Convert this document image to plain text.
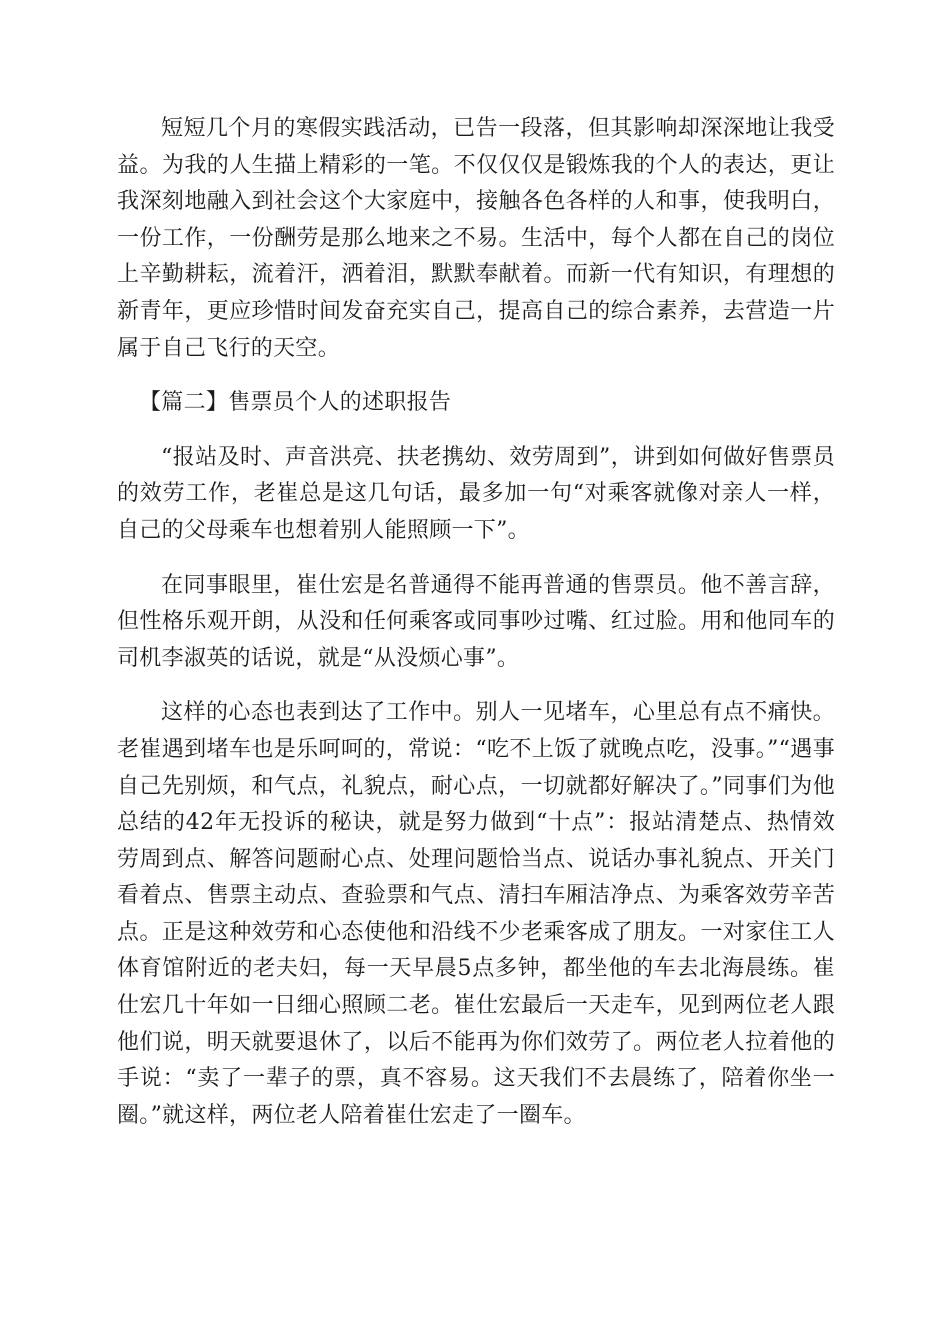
短短几个月的寒假实践活动，已告一段落，但其影响却深深地让我受益。为我的人生描上精彩的一笔。不仅仅仅是锻炼我的个人的表达，更让我深刻地融入到社会这个大家庭中，接触各色各样的人和事，使我明白，一份工作，一份酬劳是那么地来之不易。生活中，每个人都在自己的岗位上辛勤耕耘，流着汗，洒着泪，默默奉献着。而新一代有知识，有理想的新青年，更应珍惜时间发奋充实自己，提高自己的综合素养，去营造一片属于自己飞行的天空。

【篇二】售票员个人的述职报告

“报站及时、声音洪亮、扶老携幼、效劳周到”，讲到如何做好售票员的效劳工作，老崔总是这几句话，最多加一句“对乘客就像对亲人一样，自己的父母乘车也想着别人能照顾一下”。

在同事眼里，崔仕宏是名普通得不能再普通的售票员。他不善言辞，但性格乐观开朗，从没和任何乘客或同事吵过嘴、红过脸。用和他同车的司机李淑英的话说，就是“从没烦心事”。

这样的心态也表到达了工作中。别人一见堵车，心里总有点不痛快。老崔遇到堵车也是乐呵呵的，常说：“吃不上饭了就晚点吃，没事。”“遇事自己先别烦，和气点，礼貌点，耐心点，一切就都好解决了。”同事们为他总结的42年无投诉的秘诀，就是努力做到“十点”：报站清楚点、热情效劳周到点、解答问题耐心点、处理问题恰当点、说话办事礼貌点、开关门看着点、售票主动点、查验票和气点、清扫车厢洁净点、为乘客效劳辛苦点。正是这种效劳和心态使他和沿线不少老乘客成了朋友。一对家住工人体育馆附近的老夫妇，每一天早晨5点多钟，都坐他的车去北海晨练。崔仕宏几十年如一日细心照顾二老。崔仕宏最后一天走车，见到两位老人跟他们说，明天就要退休了，以后不能再为你们效劳了。两位老人拉着他的手说：“卖了一辈子的票，真不容易。这天我们不去晨练了，陪着你坐一圈。”就这样，两位老人陪着崔仕宏走了一圈车。
